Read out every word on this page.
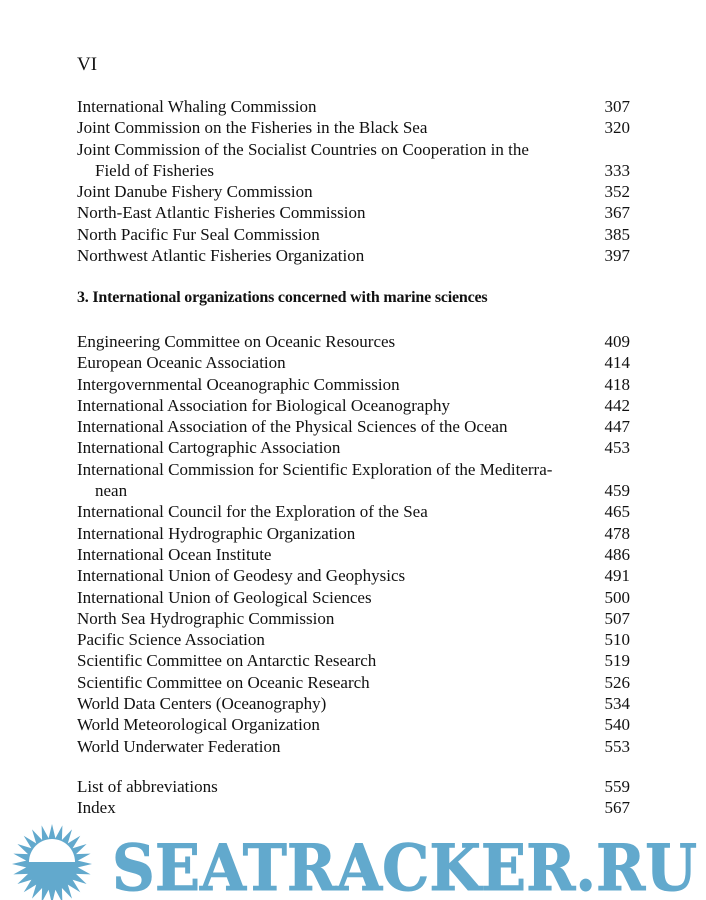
VI
International Whaling Commission	307
Joint Commission on the Fisheries in the Black Sea	320
Joint Commission of the Socialist Countries on Cooperation in the
Field of Fisheries	333
Joint Danube Fishery Commission	352
North-East Atlantic Fisheries Commission	367
North Pacific Fur Seal Commission	385
Northwest Atlantic Fisheries Organization	397
3. International organizations concerned with marine sciences
Engineering Committee on Oceanic Resources	409
European Oceanic Association	414
Intergovernmental Oceanographic Commission	418
International Association for Biological Oceanography	442
International Association of the Physical Sciences of the Ocean	447
International Cartographic Association	453
International Commission for Scientific Exploration of the Mediterra-
nean	459
International Council for the Exploration of the Sea	465
International Hydrographic Organization	478
International Ocean Institute	486
International Union of Geodesy and Geophysics	491
International Union of Geological Sciences	500
North Sea Hydrographic Commission	507
Pacific Science Association	510
Scientific Committee on Antarctic Research	519
Scientific Committee on Oceanic Research	526
World Data Centers (Oceanography)	534
World Meteorological Organization	540
World Underwater Federation	553
List of abbreviations	559
Index	567
SEATRACKER.RU
